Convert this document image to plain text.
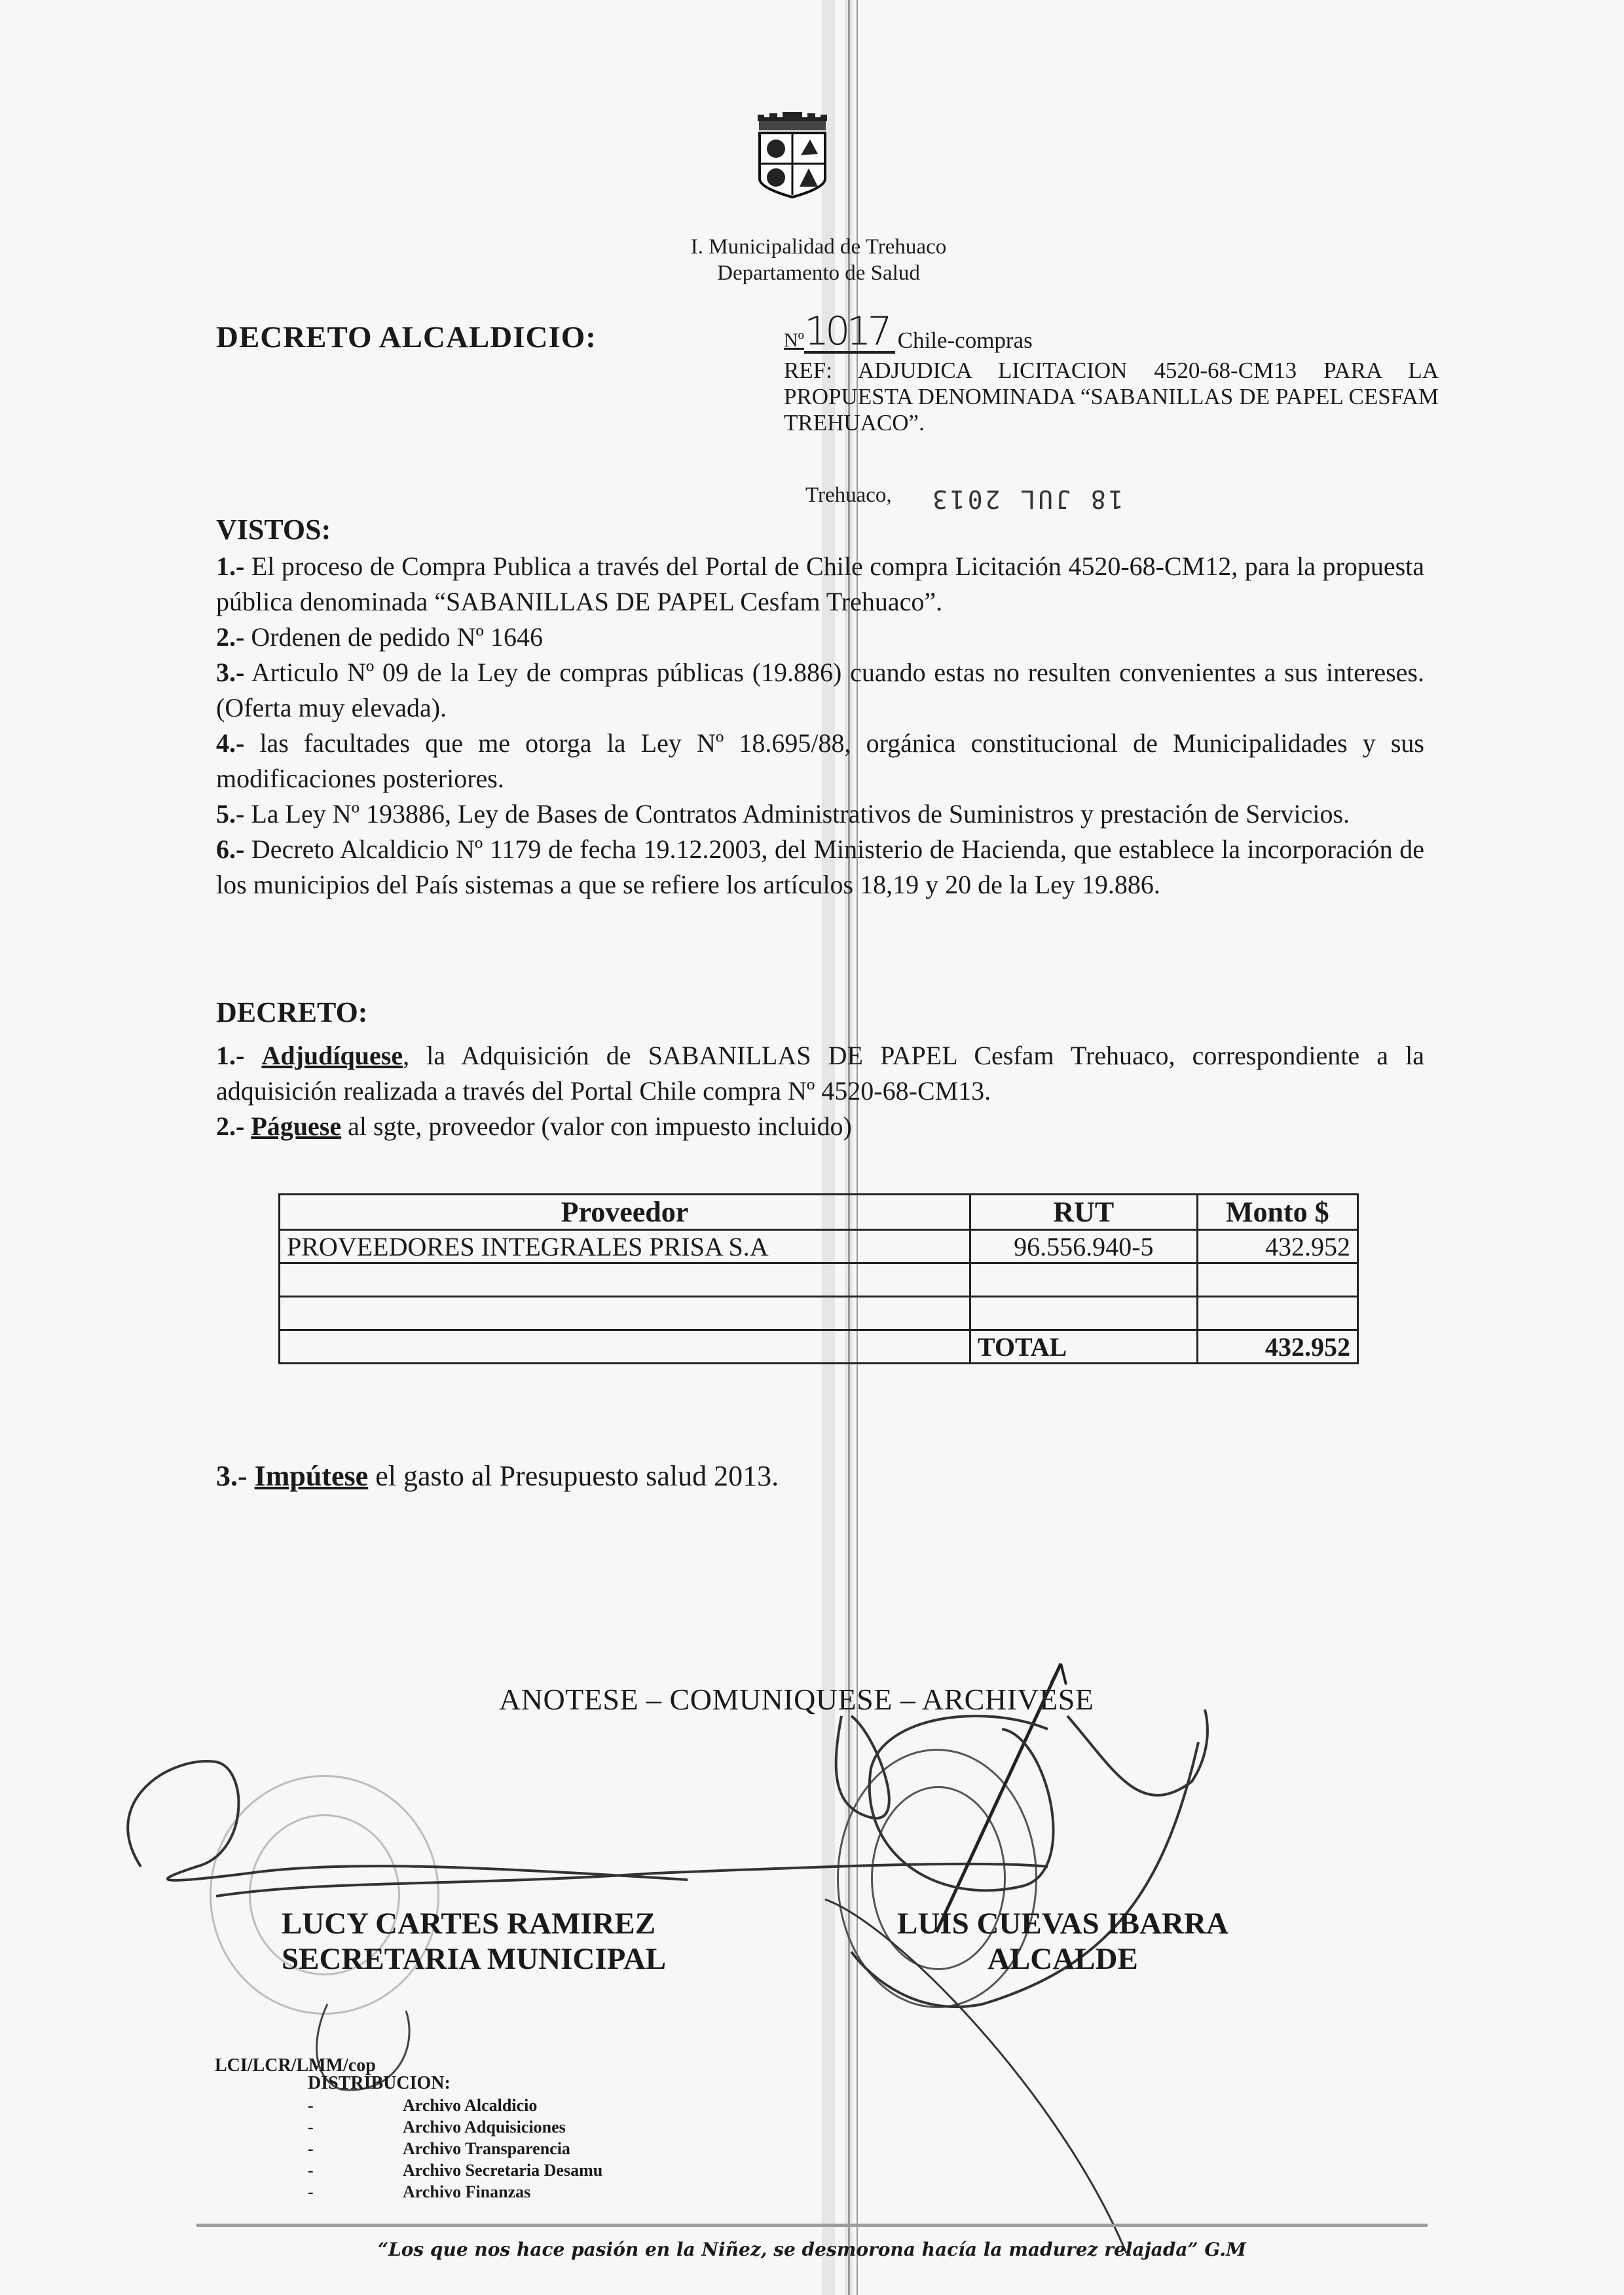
I. Municipalidad de Trehuaco
Departamento de Salud
DECRETO ALCALDICIO:	Nº 1017 Chile-compras
REF: ADJUDICA LICITACION 4520-68-CM13 PARA LA PROPUESTA DENOMINADA “SABANILLAS DE PAPEL CESFAM TREHUACO”.
Trehuaco, 18 JUL 2013
VISTOS:

1.- El proceso de Compra Publica a través del Portal de Chile compra Licitación 4520-68-CM12, para la propuesta pública denominada “SABANILLAS DE PAPEL Cesfam Trehuaco”.

2.- Ordenen de pedido Nº 1646

3.- Articulo Nº 09 de la Ley de compras públicas (19.886) cuando estas no resulten convenientes a sus intereses. (Oferta muy elevada).

4.- las facultades que me otorga la Ley Nº 18.695/88, orgánica constitucional de Municipalidades y sus modificaciones posteriores.

5.- La Ley Nº 193886, Ley de Bases de Contratos Administrativos de Suministros y prestación de Servicios.

6.- Decreto Alcaldicio Nº 1179 de fecha 19.12.2003, del Ministerio de Hacienda, que establece la incorporación de los municipios del País sistemas a que se refiere los artículos 18,19 y 20 de la Ley 19.886.

DECRETO:

1.- Adjudíquese, la Adquisición de SABANILLAS DE PAPEL Cesfam Trehuaco, correspondiente a la adquisición realizada a través del Portal Chile compra Nº 4520-68-CM13.

2.- Páguese al sgte, proveedor (valor con impuesto incluido)

Proveedor	RUT	Monto $
PROVEEDORES INTEGRALES PRISA S.A	96.556.940-5	432.952

	TOTAL	432.952
3.- Impútese el gasto al Presupuesto salud 2013.
ANOTESE – COMUNIQUESE – ARCHIVESE
LUCY CARTES RAMIREZ
SECRETARIA MUNICIPAL
LUIS CUEVAS IBARRA
ALCALDE
LCI/LCR/LMM/cop
DISTRIBUCION:
-	Archivo Alcaldicio
-	Archivo Adquisiciones
-	Archivo Transparencia
-	Archivo Secretaria Desamu
-	Archivo Finanzas
“Los que nos hace pasión en la Niñez, se desmorona hacía la madurez relajada” G.M
